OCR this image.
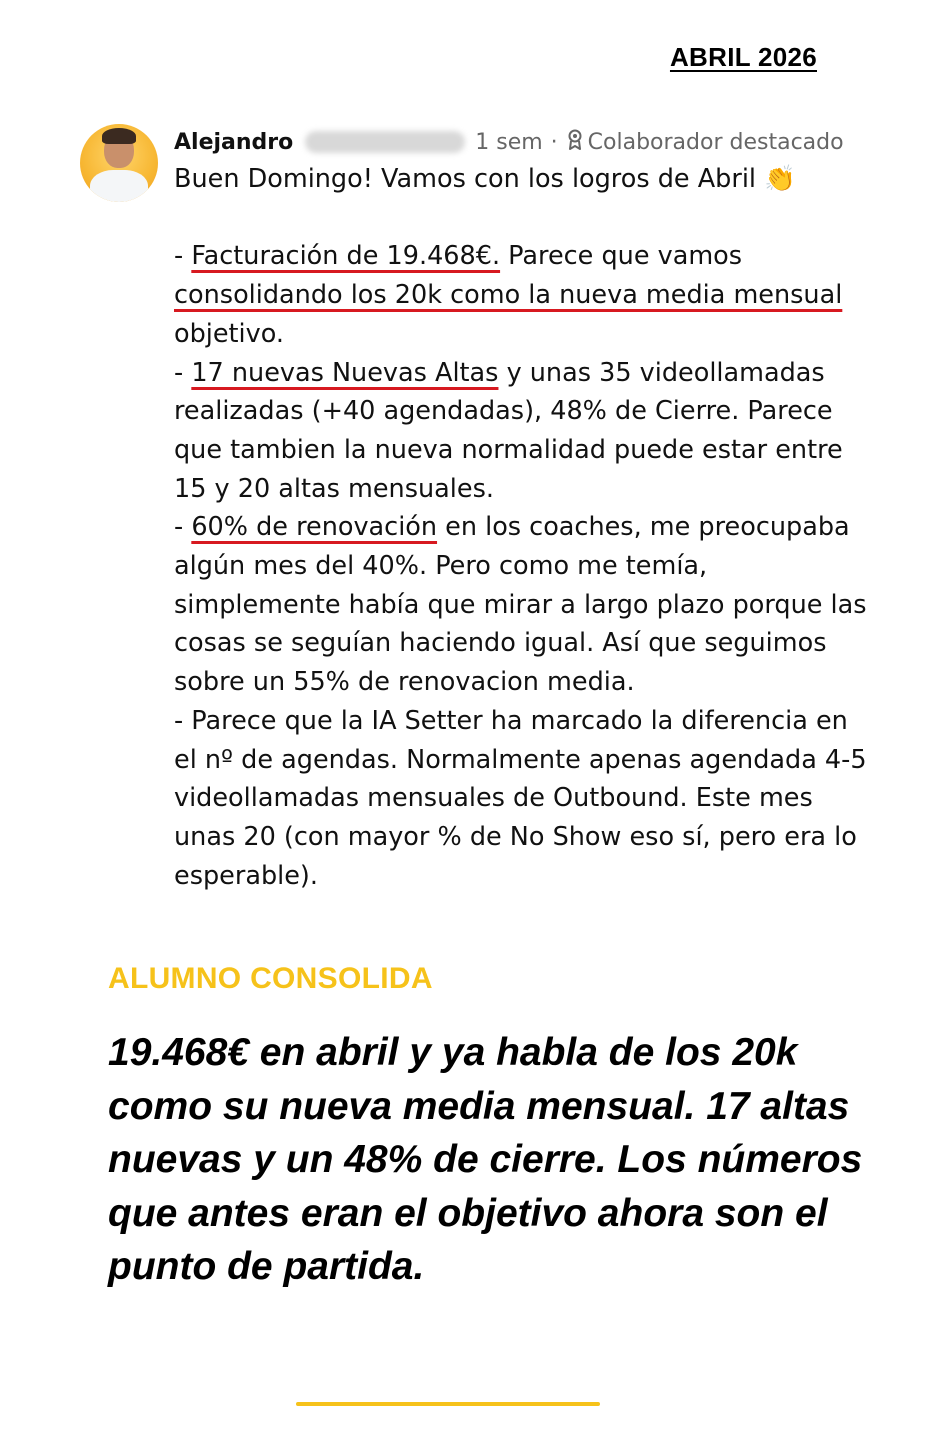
ABRIL 2026
Alejandro	1 sem · Colaborador destacado

Buen Domingo! Vamos con los logros de Abril 👏

- Facturación de 19.468€. Parece que vamos
consolidando los 20k como la nueva media mensual
objetivo.

- 17 nuevas Nuevas Altas y unas 35 videollamadas realizadas (+40 agendadas), 48% de Cierre. Parece que tambien la nueva normalidad puede estar entre 15 y 20 altas mensuales.

- 60% de renovación en los coaches, me preocupaba algún mes del 40%. Pero como me temía, simplemente había que mirar a largo plazo porque las cosas se seguían haciendo igual. Así que seguimos sobre un 55% de renovacion media.

- Parece que la IA Setter ha marcado la diferencia en el nº de agendas. Normalmente apenas agendada 4-5 videollamadas mensuales de Outbound. Este mes unas 20 (con mayor % de No Show eso sí, pero era lo esperable).

ALUMNO CONSOLIDA

19.468€ en abril y ya habla de los 20k como su nueva media mensual. 17 altas nuevas y un 48% de cierre. Los números que antes eran el objetivo ahora son el punto de partida.
